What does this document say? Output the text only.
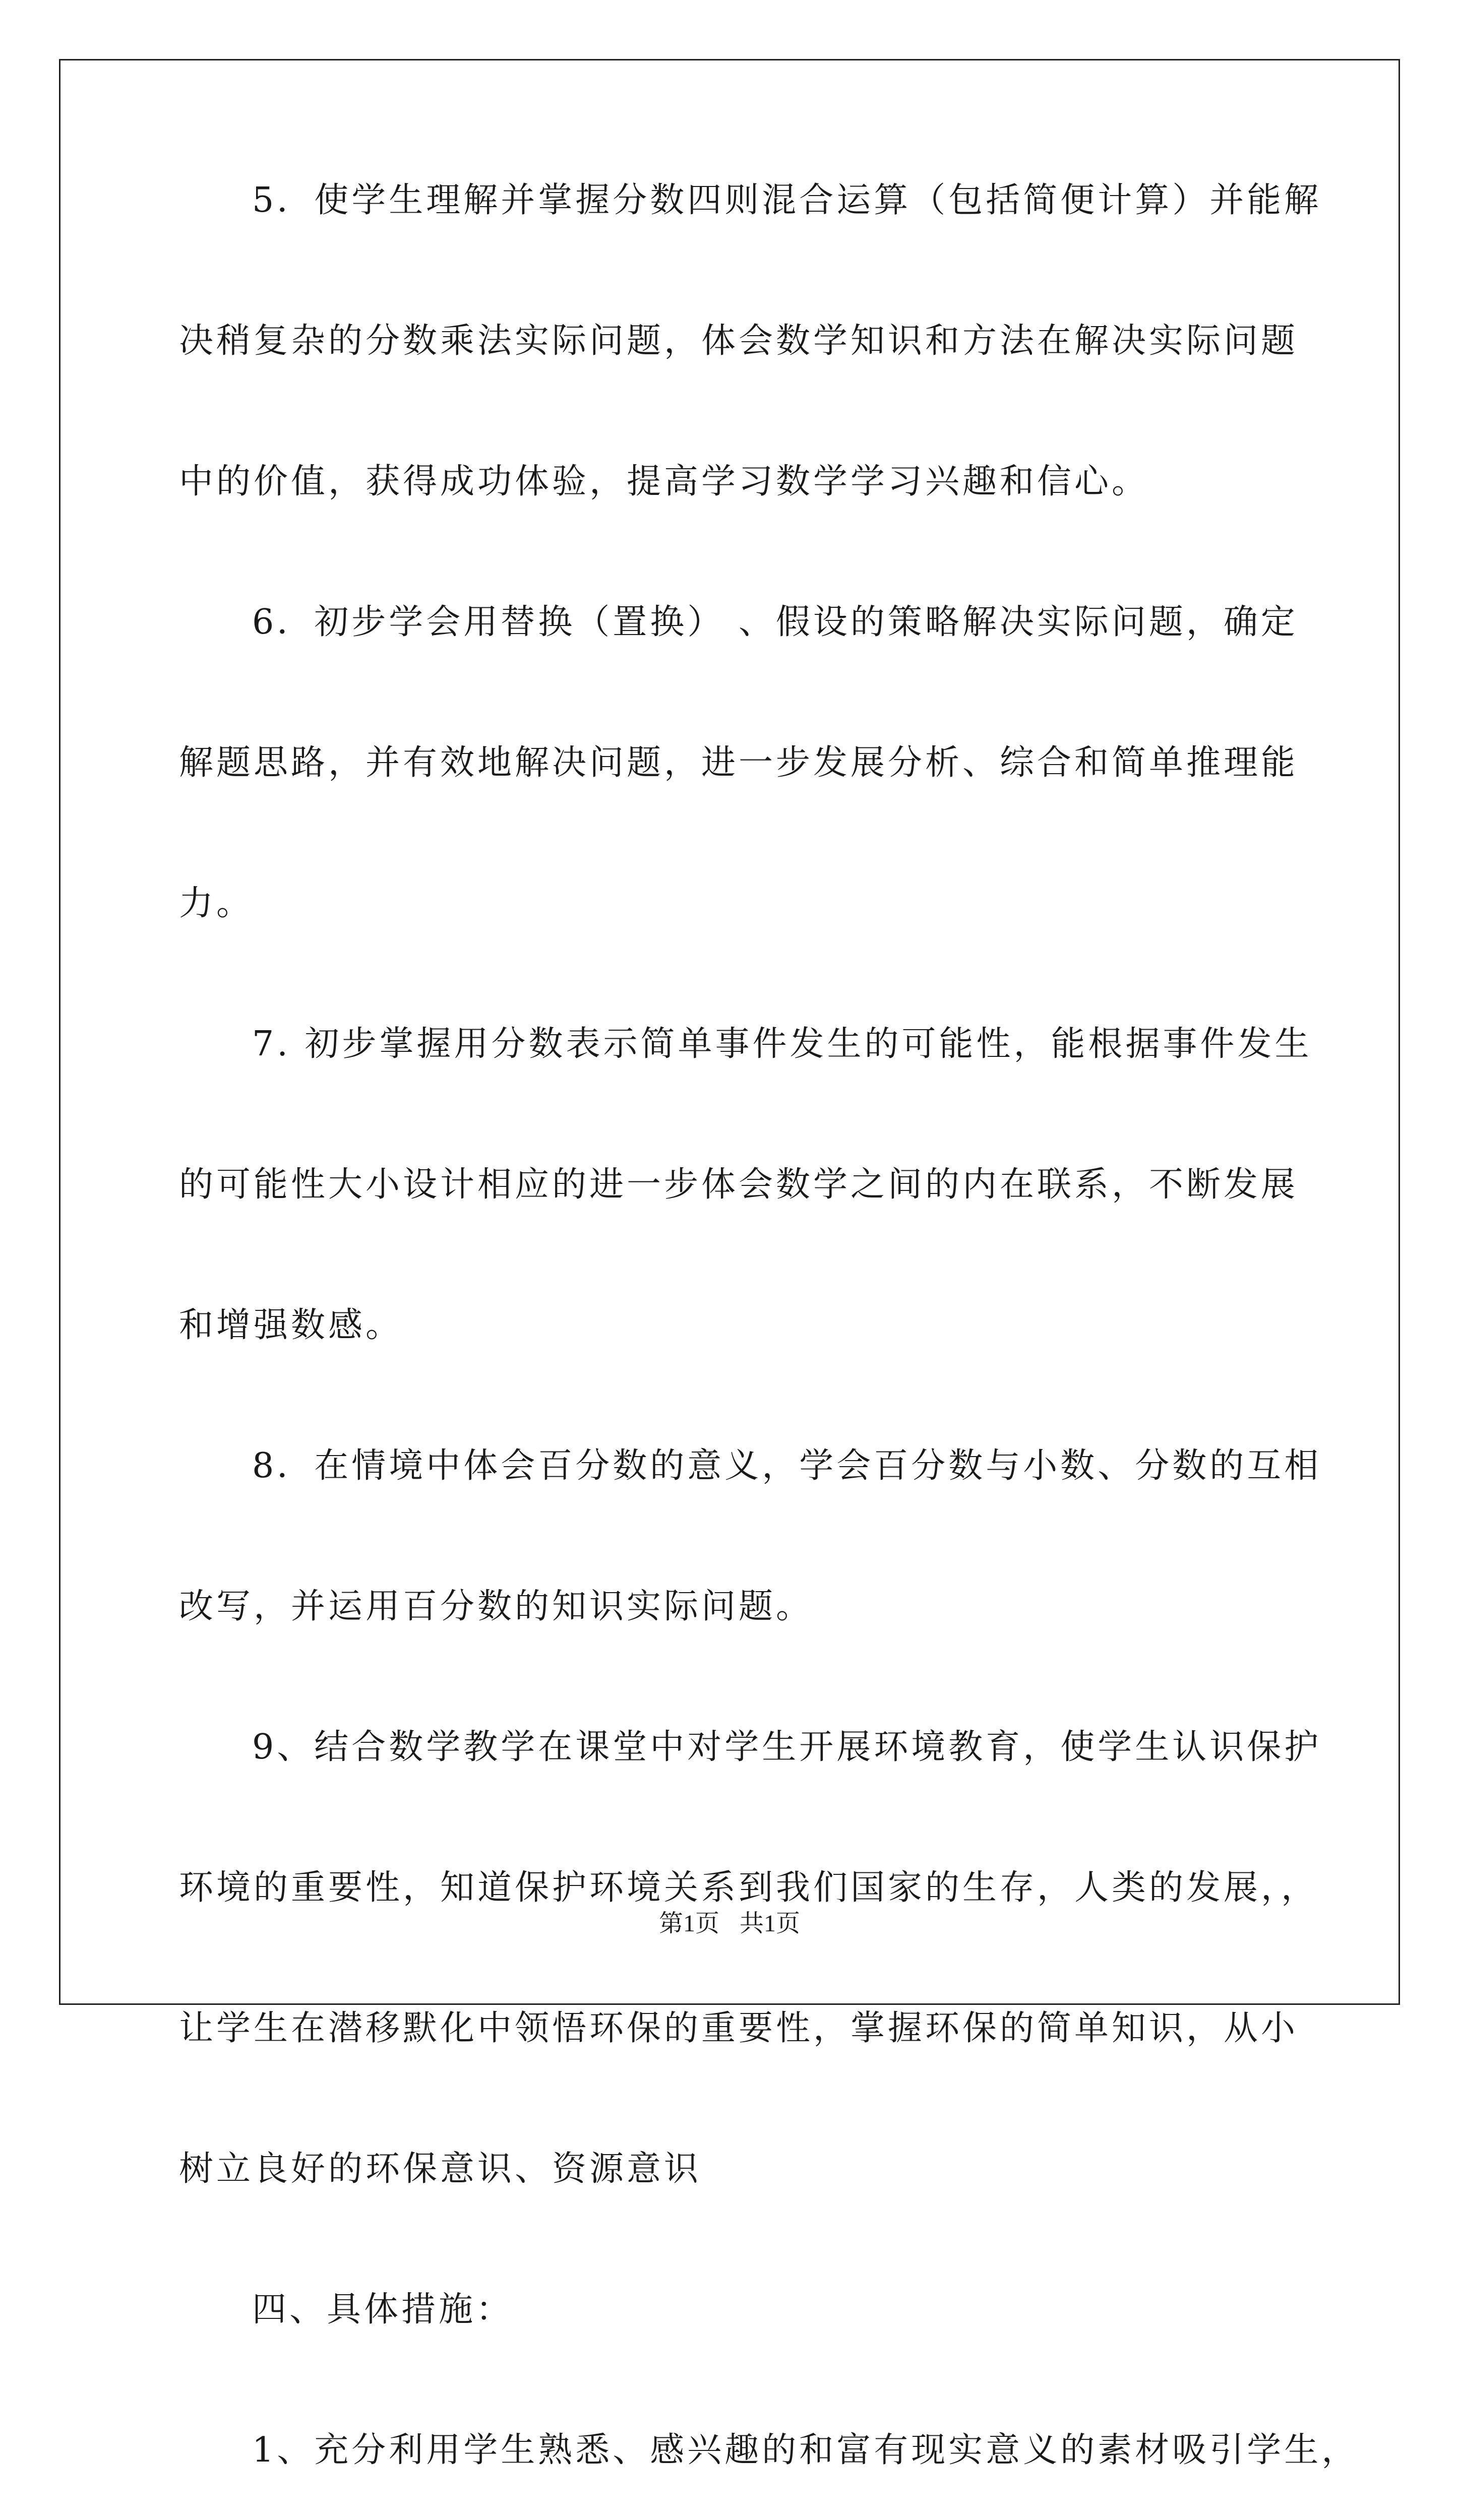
5．使学生理解并掌握分数四则混合运算（包括简便计算）并能解
决稍复杂的分数乘法实际问题，体会数学知识和方法在解决实际问题
中的价值，获得成功体验，提高学习数学学习兴趣和信心。
6．初步学会用替换（置换） 、假设的策略解决实际问题，确定
解题思路，并有效地解决问题，进一步发展分析、综合和简单推理能
力。
7. 初步掌握用分数表示简单事件发生的可能性，能根据事件发生
的可能性大小设计相应的进一步体会数学之间的内在联系，不断发展
和增强数感。
8．在情境中体会百分数的意义，学会百分数与小数、分数的互相
改写，并运用百分数的知识实际问题。
9、结合数学教学在课堂中对学生开展环境教育，使学生认识保护
环境的重要性，知道保护环境关系到我们国家的生存，人类的发展，，
让学生在潜移默化中领悟环保的重要性，掌握环保的简单知识，从小
树立良好的环保意识、资源意识
四、具体措施：
1、充分利用学生熟悉、感兴趣的和富有现实意义的素材吸引学生，
第1页 共1页
